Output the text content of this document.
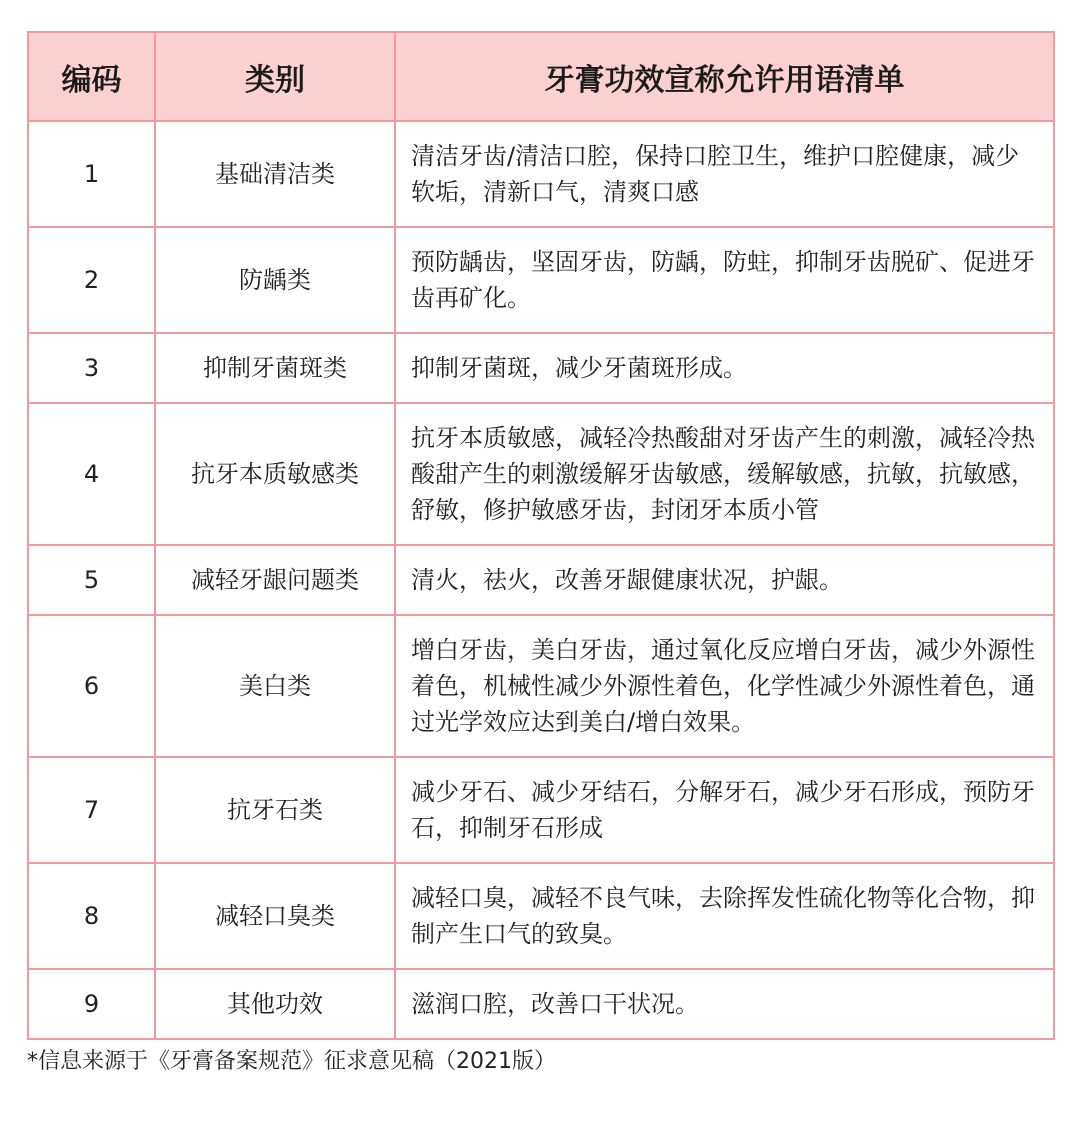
编码	类别	牙膏功效宣称允许用语清单
1	基础清洁类	清洁牙齿/清洁口腔，保持口腔卫生，维护口腔健康，减少软垢，清新口气，清爽口感
2	防龋类	预防龋齿，坚固牙齿，防龋，防蛀，抑制牙齿脱矿、促进牙齿再矿化。
3	抑制牙菌斑类	抑制牙菌斑，减少牙菌斑形成。
4	抗牙本质敏感类	抗牙本质敏感，减轻冷热酸甜对牙齿产生的刺激，减轻冷热酸甜产生的刺激缓解牙齿敏感，缓解敏感，抗敏，抗敏感，舒敏，修护敏感牙齿，封闭牙本质小管
5	减轻牙龈问题类	清火，祛火，改善牙龈健康状况，护龈。
6	美白类	增白牙齿，美白牙齿，通过氧化反应增白牙齿，减少外源性着色，机械性减少外源性着色，化学性减少外源性着色，通过光学效应达到美白/增白效果。
7	抗牙石类	减少牙石、减少牙结石，分解牙石，减少牙石形成，预防牙石，抑制牙石形成
8	减轻口臭类	减轻口臭，减轻不良气味，去除挥发性硫化物等化合物，抑制产生口气的致臭。
9	其他功效	滋润口腔，改善口干状况。
*信息来源于《牙膏备案规范》征求意见稿（2021版）
